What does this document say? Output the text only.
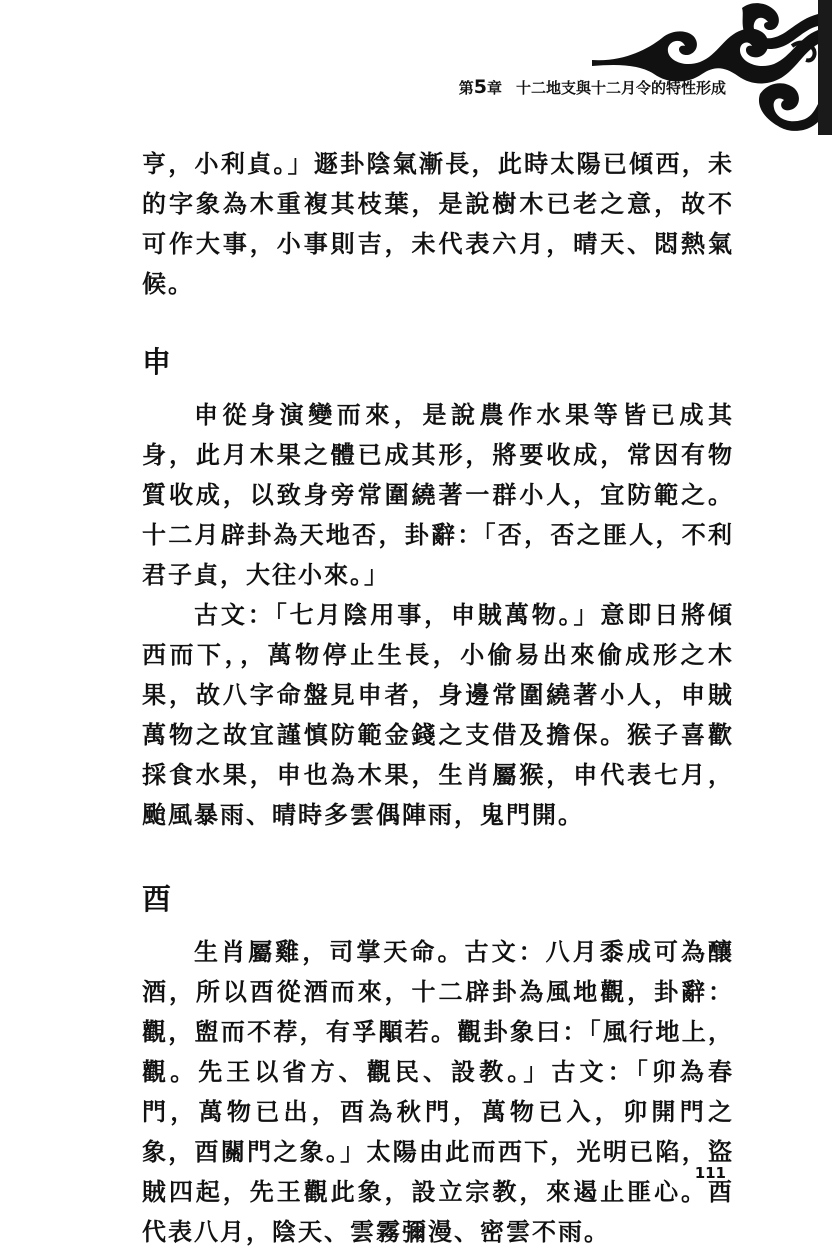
第5章 十二地支與十二月令的特性形成

亨，小利貞。」遯卦陰氣漸長，此時太陽已傾西，未的字象為木重複其枝葉，是說樹木已老之意，故不可作大事，小事則吉，未代表六月，晴天、悶熱氣候。

申

申從身演變而來，是說農作水果等皆已成其身，此月木果之體已成其形，將要收成，常因有物質收成，以致身旁常圍繞著一群小人，宜防範之。十二月辟卦為天地否，卦辭：「否，否之匪人，不利君子貞，大往小來。」

古文：「七月陰用事，申賊萬物。」意即日將傾西而下，，萬物停止生長，小偷易出來偷成形之木果，故八字命盤見申者，身邊常圍繞著小人，申賊萬物之故宜謹慎防範金錢之支借及擔保。猴子喜歡採食水果，申也為木果，生肖屬猴，申代表七月，颱風暴雨、晴時多雲偶陣雨，鬼門開。

酉

生肖屬雞，司掌天命。古文：八月黍成可為釀酒，所以酉從酒而來，十二辟卦為風地觀，卦辭：觀，盥而不荐，有孚顒若。觀卦象曰：「風行地上，觀。先王以省方、觀民、設教。」古文：「卯為春門，萬物已出，酉為秋門，萬物已入，卯開門之象，酉關門之象。」太陽由此而西下，光明已陷，盜賊四起，先王觀此象，設立宗教，來遏止匪心。酉代表八月，陰天、雲霧彌漫、密雲不雨。

111
